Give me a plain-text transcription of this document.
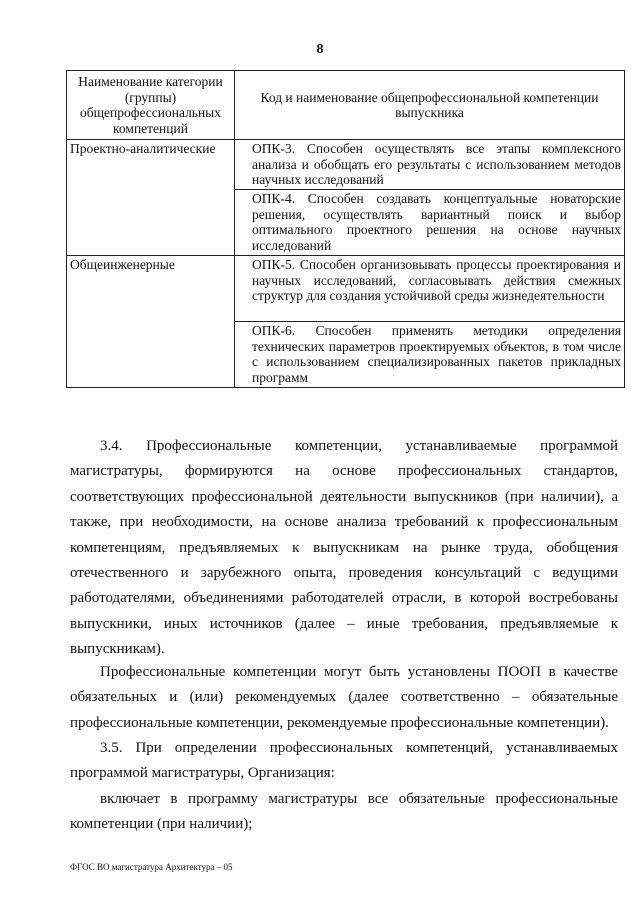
8
Наименование категории (группы) общепрофессиональных компетенций	Код и наименование общепрофессиональной компетенции выпускника
Проектно-аналитические	ОПК-3. Способен осуществлять все этапы комплексного анализа и обобщать его результаты с использованием методов научных исследований

	ОПК-4. Способен создавать концептуальные новаторские решения, осуществлять вариантный поиск и выбор оптимального проектного решения на основе научных исследований

Общеинженерные	ОПК-5. Способен организовывать процессы проектирования и научных исследований, согласовывать действия смежных структур для создания устойчивой среды жизнедеятельности

	ОПК-6. Способен применять методики определения технических параметров проектируемых объектов, в том числе с использованием специализированных пакетов прикладных программ

3.4. Профессиональные компетенции, устанавливаемые программой магистратуры, формируются на основе профессиональных стандартов, соответствующих профессиональной деятельности выпускников (при наличии), а также, при необходимости, на основе анализа требований к профессиональным компетенциям, предъявляемых к выпускникам на рынке труда, обобщения отечественного и зарубежного опыта, проведения консультаций с ведущими работодателями, объединениями работодателей отрасли, в которой востребованы выпускники, иных источников (далее – иные требования, предъявляемые к выпускникам).

Профессиональные компетенции могут быть установлены ПООП в качестве обязательных и (или) рекомендуемых (далее соответственно – обязательные профессиональные компетенции, рекомендуемые профессиональные компетенции).

3.5. При определении профессиональных компетенций, устанавливаемых программой магистратуры, Организация:

включает в программу магистратуры все обязательные профессиональные компетенции (при наличии);

ФГОС ВО магистратура Архитектура – 05
